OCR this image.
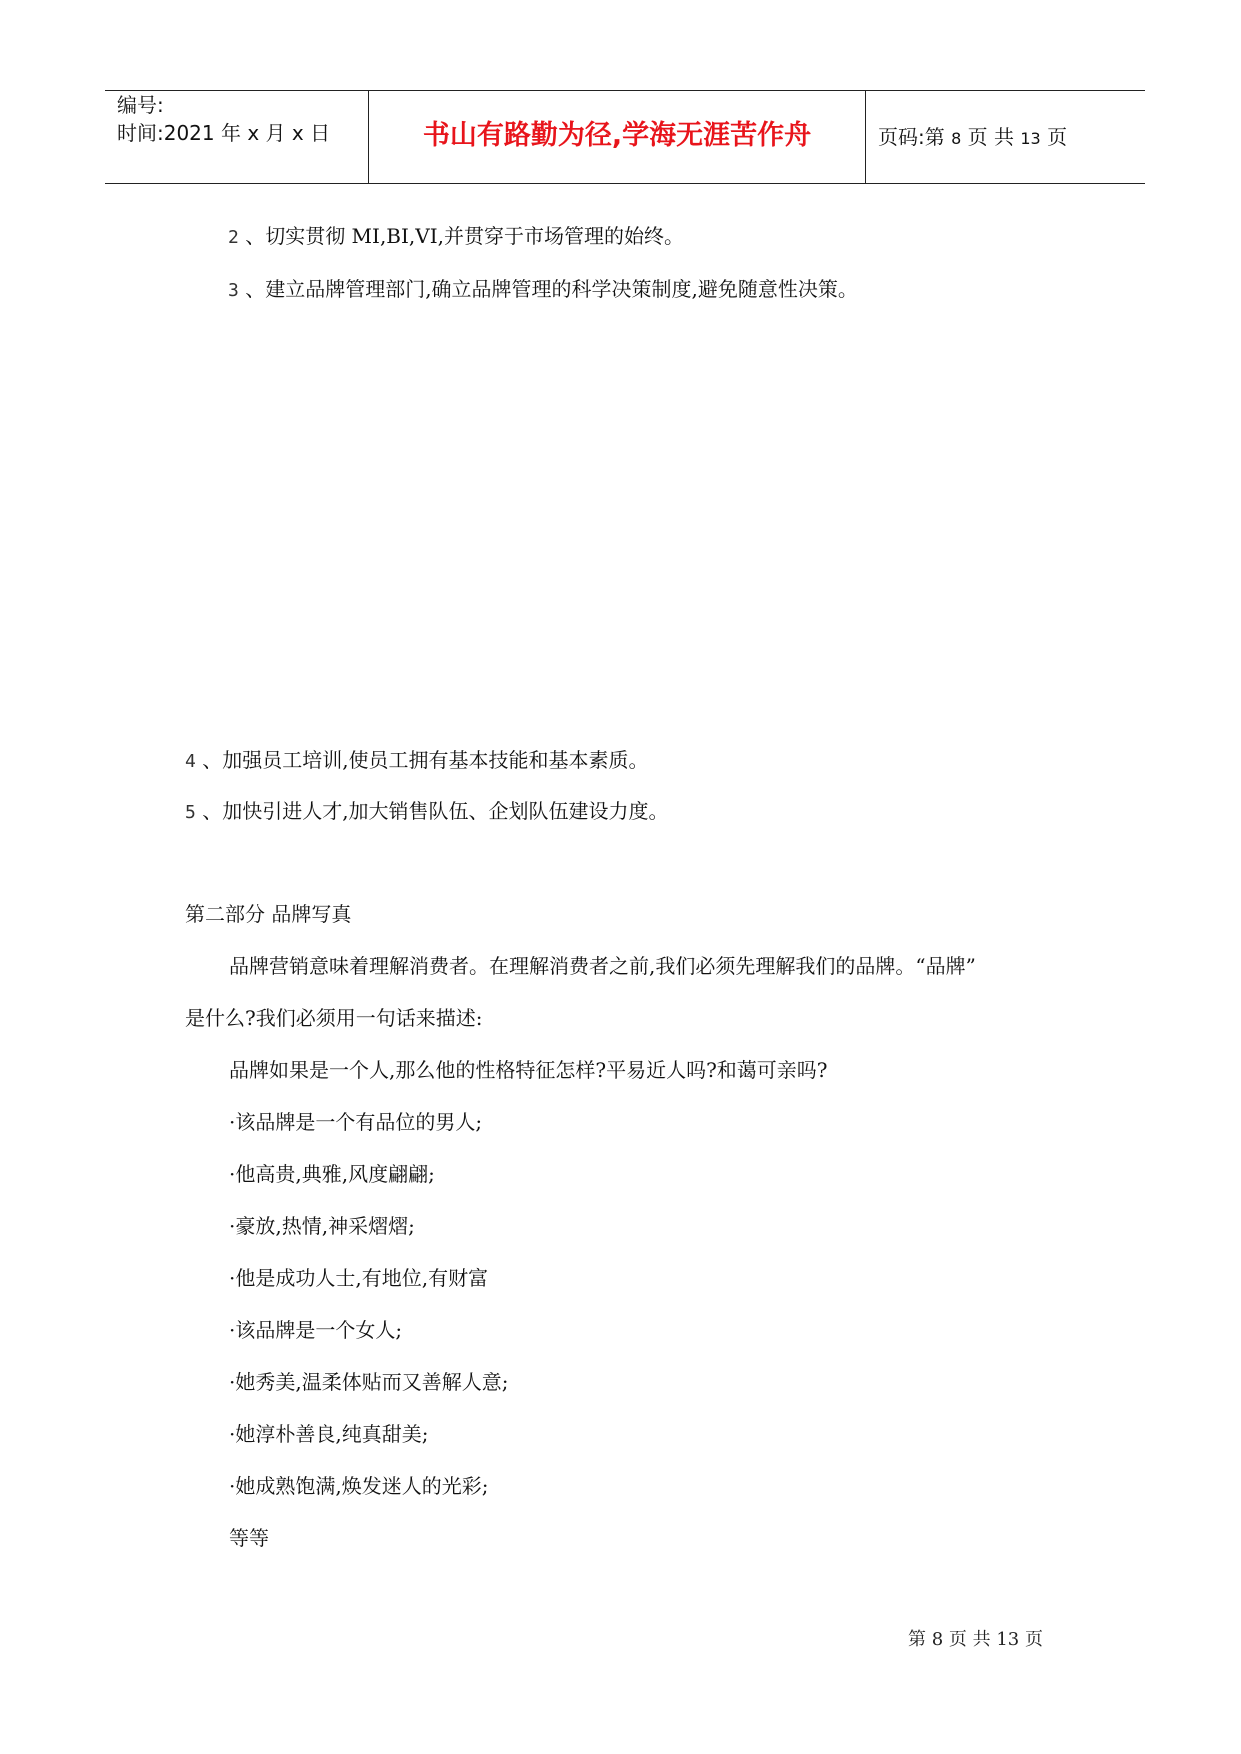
编号:
时间:2021 年 x 月 x 日	书山有路勤为径,学海无涯苦作舟	页码:第 8 页 共 13 页
2 、切实贯彻 MI,BI,VI,并贯穿于市场管理的始终。
3 、建立品牌管理部门,确立品牌管理的科学决策制度,避免随意性决策。
4 、加强员工培训,使员工拥有基本技能和基本素质。
5 、加快引进人才,加大销售队伍、企划队伍建设力度。
第二部分 品牌写真
品牌营销意味着理解消费者。在理解消费者之前,我们必须先理解我们的品牌。“品牌”
是什么?我们必须用一句话来描述:
品牌如果是一个人,那么他的性格特征怎样?平易近人吗?和蔼可亲吗?
·该品牌是一个有品位的男人;
·他高贵,典雅,风度翩翩;
·豪放,热情,神采熠熠;
·他是成功人士,有地位,有财富
·该品牌是一个女人;
·她秀美,温柔体贴而又善解人意;
·她淳朴善良,纯真甜美;
·她成熟饱满,焕发迷人的光彩;
等等
第 8 页 共 13 页
